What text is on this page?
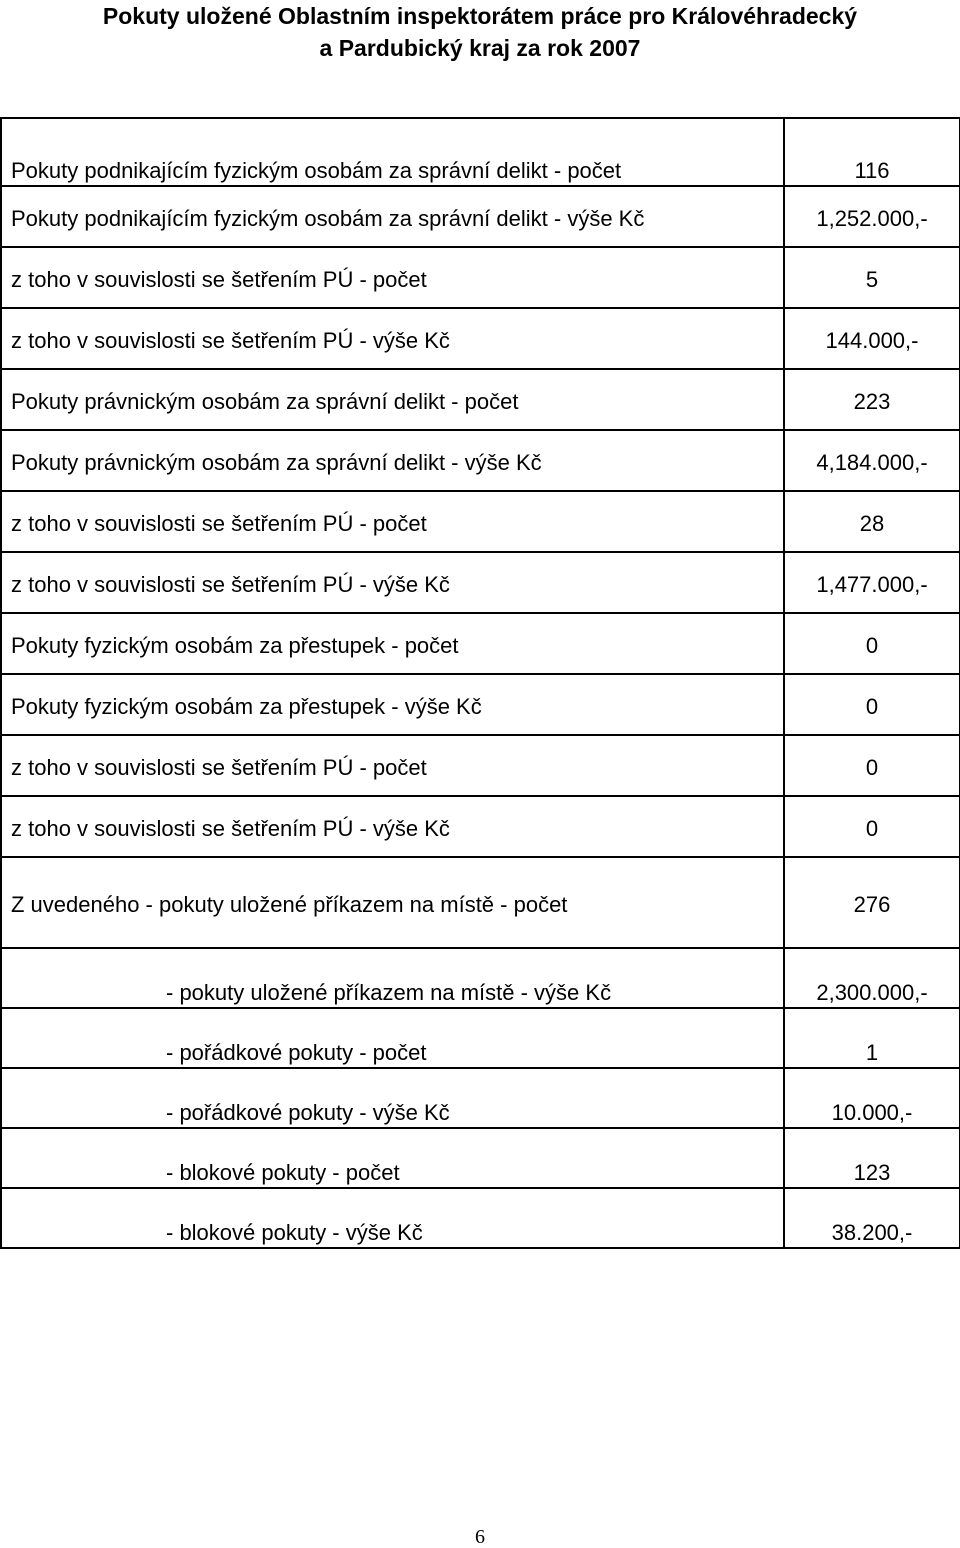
Pokuty uložené Oblastním inspektorátem práce pro Královéhradecký
a Pardubický kraj za rok 2007
Pokuty podnikajícím fyzickým osobám za správní delikt - počet	116
Pokuty podnikajícím fyzickým osobám za správní delikt - výše Kč	1,252.000,-
z toho v souvislosti se šetřením PÚ - počet	5
z toho v souvislosti se šetřením PÚ - výše Kč	144.000,-
Pokuty právnickým osobám za správní delikt - počet	223
Pokuty právnickým osobám za správní delikt - výše Kč	4,184.000,-
z toho v souvislosti se šetřením PÚ - počet	28
z toho v souvislosti se šetřením PÚ - výše Kč	1,477.000,-
Pokuty fyzickým osobám za přestupek - počet	0
Pokuty fyzickým osobám za přestupek - výše Kč	0
z toho v souvislosti se šetřením PÚ - počet	0
z toho v souvislosti se šetřením PÚ - výše Kč	0
Z uvedeného - pokuty uložené příkazem na místě - počet	276
- pokuty uložené příkazem na místě - výše Kč	2,300.000,-
- pořádkové pokuty - počet	1
- pořádkové pokuty - výše Kč	10.000,-
- blokové pokuty - počet	123
- blokové pokuty - výše Kč	38.200,-
6
